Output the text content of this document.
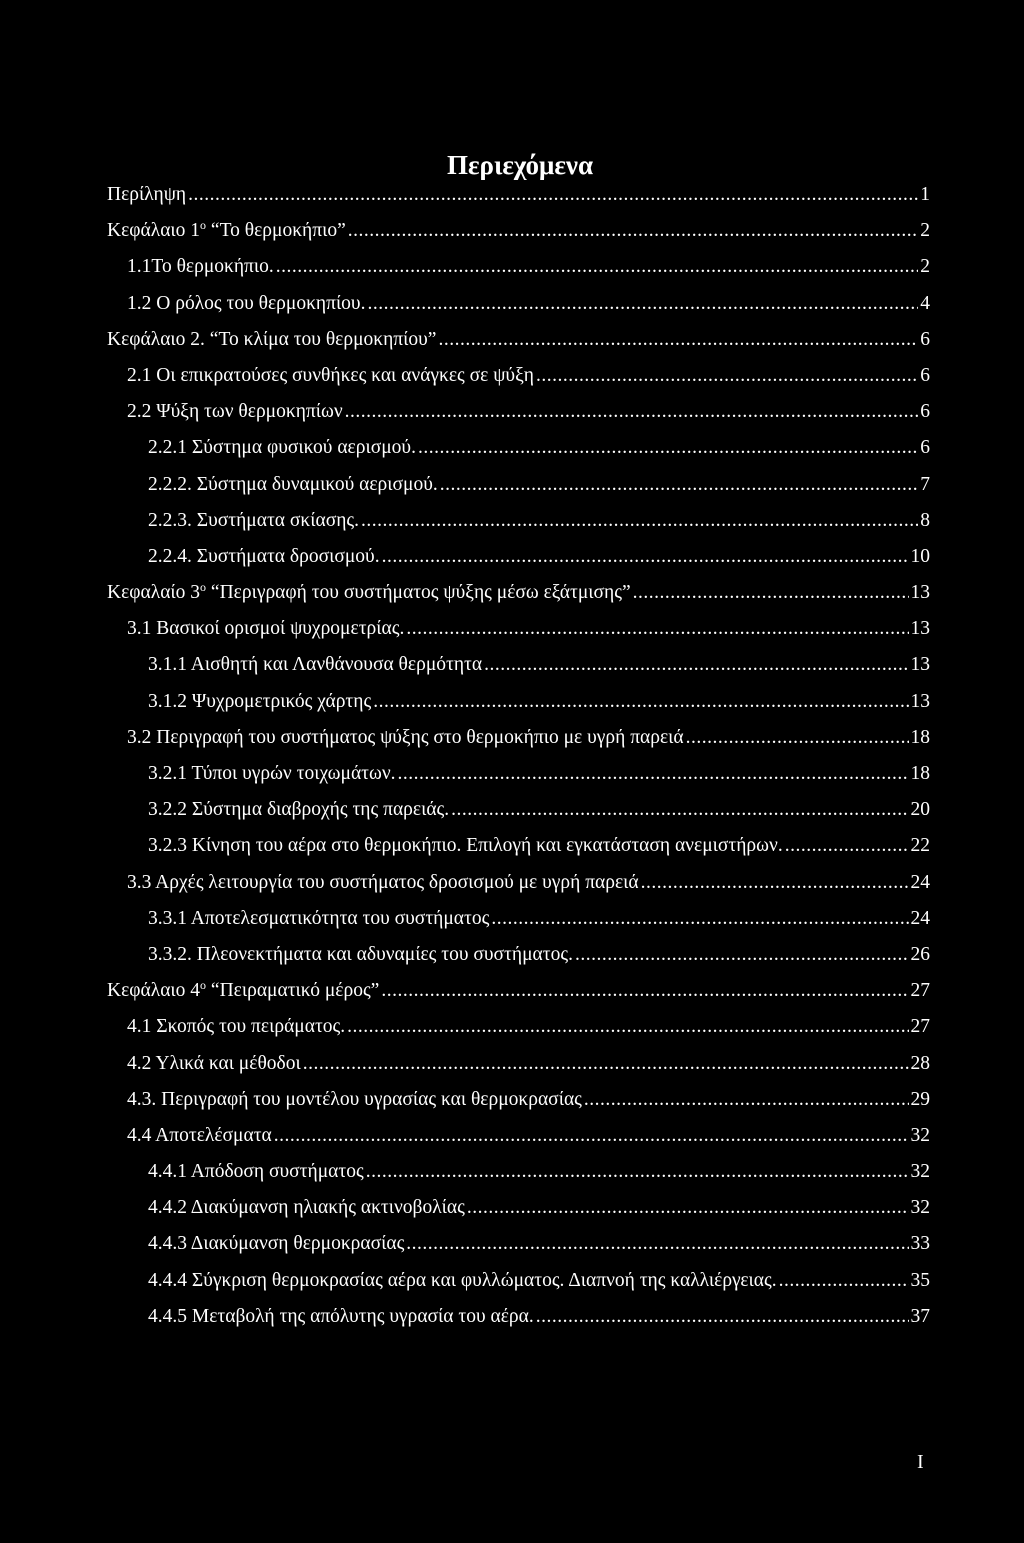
Περιεχόμενα
Περίληψη .....	1
Κεφάλαιο $1^o$ “Το θερμοκήπιο” .....	2
1.1Το θερμοκήπιο. .....	2
1.2 Ο ρόλος του θερμοκηπίου. .....	4
Κεφάλαιο 2. “Το κλίμα του θερμοκηπίου” .....	6
2.1 Οι επικρατούσες συνθήκες και ανάγκες σε ψύξη .....	6
2.2 Ψύξη των θερμοκηπίων .....	6
2.2.1 Σύστημα φυσικού αερισμού. .....	6
2.2.2. Σύστημα δυναμικού αερισμού. .....	7
2.2.3. Συστήματα σκίασης. .....	8
2.2.4. Συστήματα δροσισμού. .....	10
Κεφαλαίο $3^o$ “Περιγραφή του συστήματος ψύξης μέσω εξάτμισης” .....	13
3.1 Βασικοί ορισμοί ψυχρομετρίας. .....	13
3.1.1 Αισθητή και Λανθάνουσα θερμότητα .....	13
3.1.2 Ψυχρομετρικός χάρτης .....	13
3.2 Περιγραφή του συστήματος ψύξης στο θερμοκήπιο με υγρή παρειά .....	18
3.2.1 Τύποι υγρών τοιχωμάτων. .....	18
3.2.2 Σύστημα διαβροχής της παρειάς. .....	20
3.2.3 Κίνηση του αέρα στο θερμοκήπιο. Επιλογή και εγκατάσταση ανεμιστήρων. .....	22
3.3 Αρχές λειτουργία του συστήματος δροσισμού με υγρή παρειά .....	24
3.3.1 Αποτελεσματικότητα του συστήματος .....	24
3.3.2. Πλεονεκτήματα και αδυναμίες του συστήματος. .....	26
Κεφάλαιο $4^o$ “Πειραματικό μέρος” .....	27
4.1 Σκοπός του πειράματος. .....	27
4.2 Υλικά και μέθοδοι .....	28
4.3. Περιγραφή του μοντέλου υγρασίας και θερμοκρασίας .....	29
4.4 Αποτελέσματα .....	32
4.4.1 Απόδοση συστήματος .....	32
4.4.2 Διακύμανση ηλιακής ακτινοβολίας .....	32
4.4.3 Διακύμανση θερμοκρασίας .....	33
4.4.4 Σύγκριση θερμοκρασίας αέρα και φυλλώματος. Διαπνοή της καλλιέργειας. .....	35
4.4.5 Μεταβολή της απόλυτης υγρασία του αέρα. .....	37
I
